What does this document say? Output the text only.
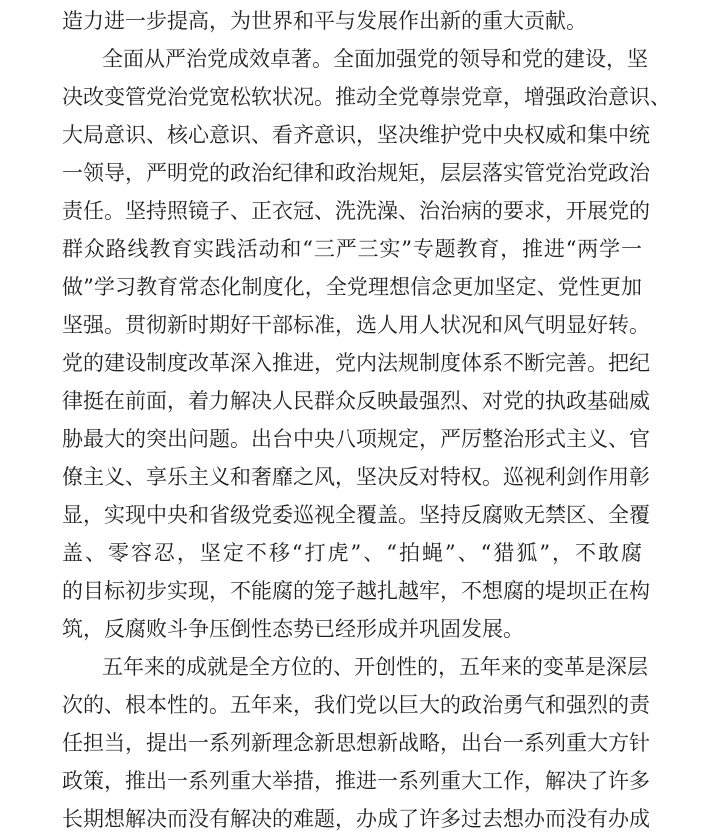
造力进一步提高，为世界和平与发展作出新的重大贡献。
全面从严治党成效卓著。全面加强党的领导和党的建设，坚
决改变管党治党宽松软状况。推动全党尊崇党章，增强政治意识、
大局意识、核心意识、看齐意识，坚决维护党中央权威和集中统
一领导，严明党的政治纪律和政治规矩，层层落实管党治党政治
责任。坚持照镜子、正衣冠、洗洗澡、治治病的要求，开展党的
群众路线教育实践活动和“三严三实”专题教育，推进“两学一
做”学习教育常态化制度化，全党理想信念更加坚定、党性更加
坚强。贯彻新时期好干部标准，选人用人状况和风气明显好转。
党的建设制度改革深入推进，党内法规制度体系不断完善。把纪
律挺在前面，着力解决人民群众反映最强烈、对党的执政基础威
胁最大的突出问题。出台中央八项规定，严厉整治形式主义、官
僚主义、享乐主义和奢靡之风，坚决反对特权。巡视利剑作用彰
显，实现中央和省级党委巡视全覆盖。坚持反腐败无禁区、全覆
盖、零容忍，坚定不移“打虎”、“拍蝇”、“猎狐”，不敢腐
的目标初步实现，不能腐的笼子越扎越牢，不想腐的堤坝正在构
筑，反腐败斗争压倒性态势已经形成并巩固发展。
五年来的成就是全方位的、开创性的，五年来的变革是深层
次的、根本性的。五年来，我们党以巨大的政治勇气和强烈的责
任担当，提出一系列新理念新思想新战略，出台一系列重大方针
政策，推出一系列重大举措，推进一系列重大工作，解决了许多
长期想解决而没有解决的难题，办成了许多过去想办而没有办成
